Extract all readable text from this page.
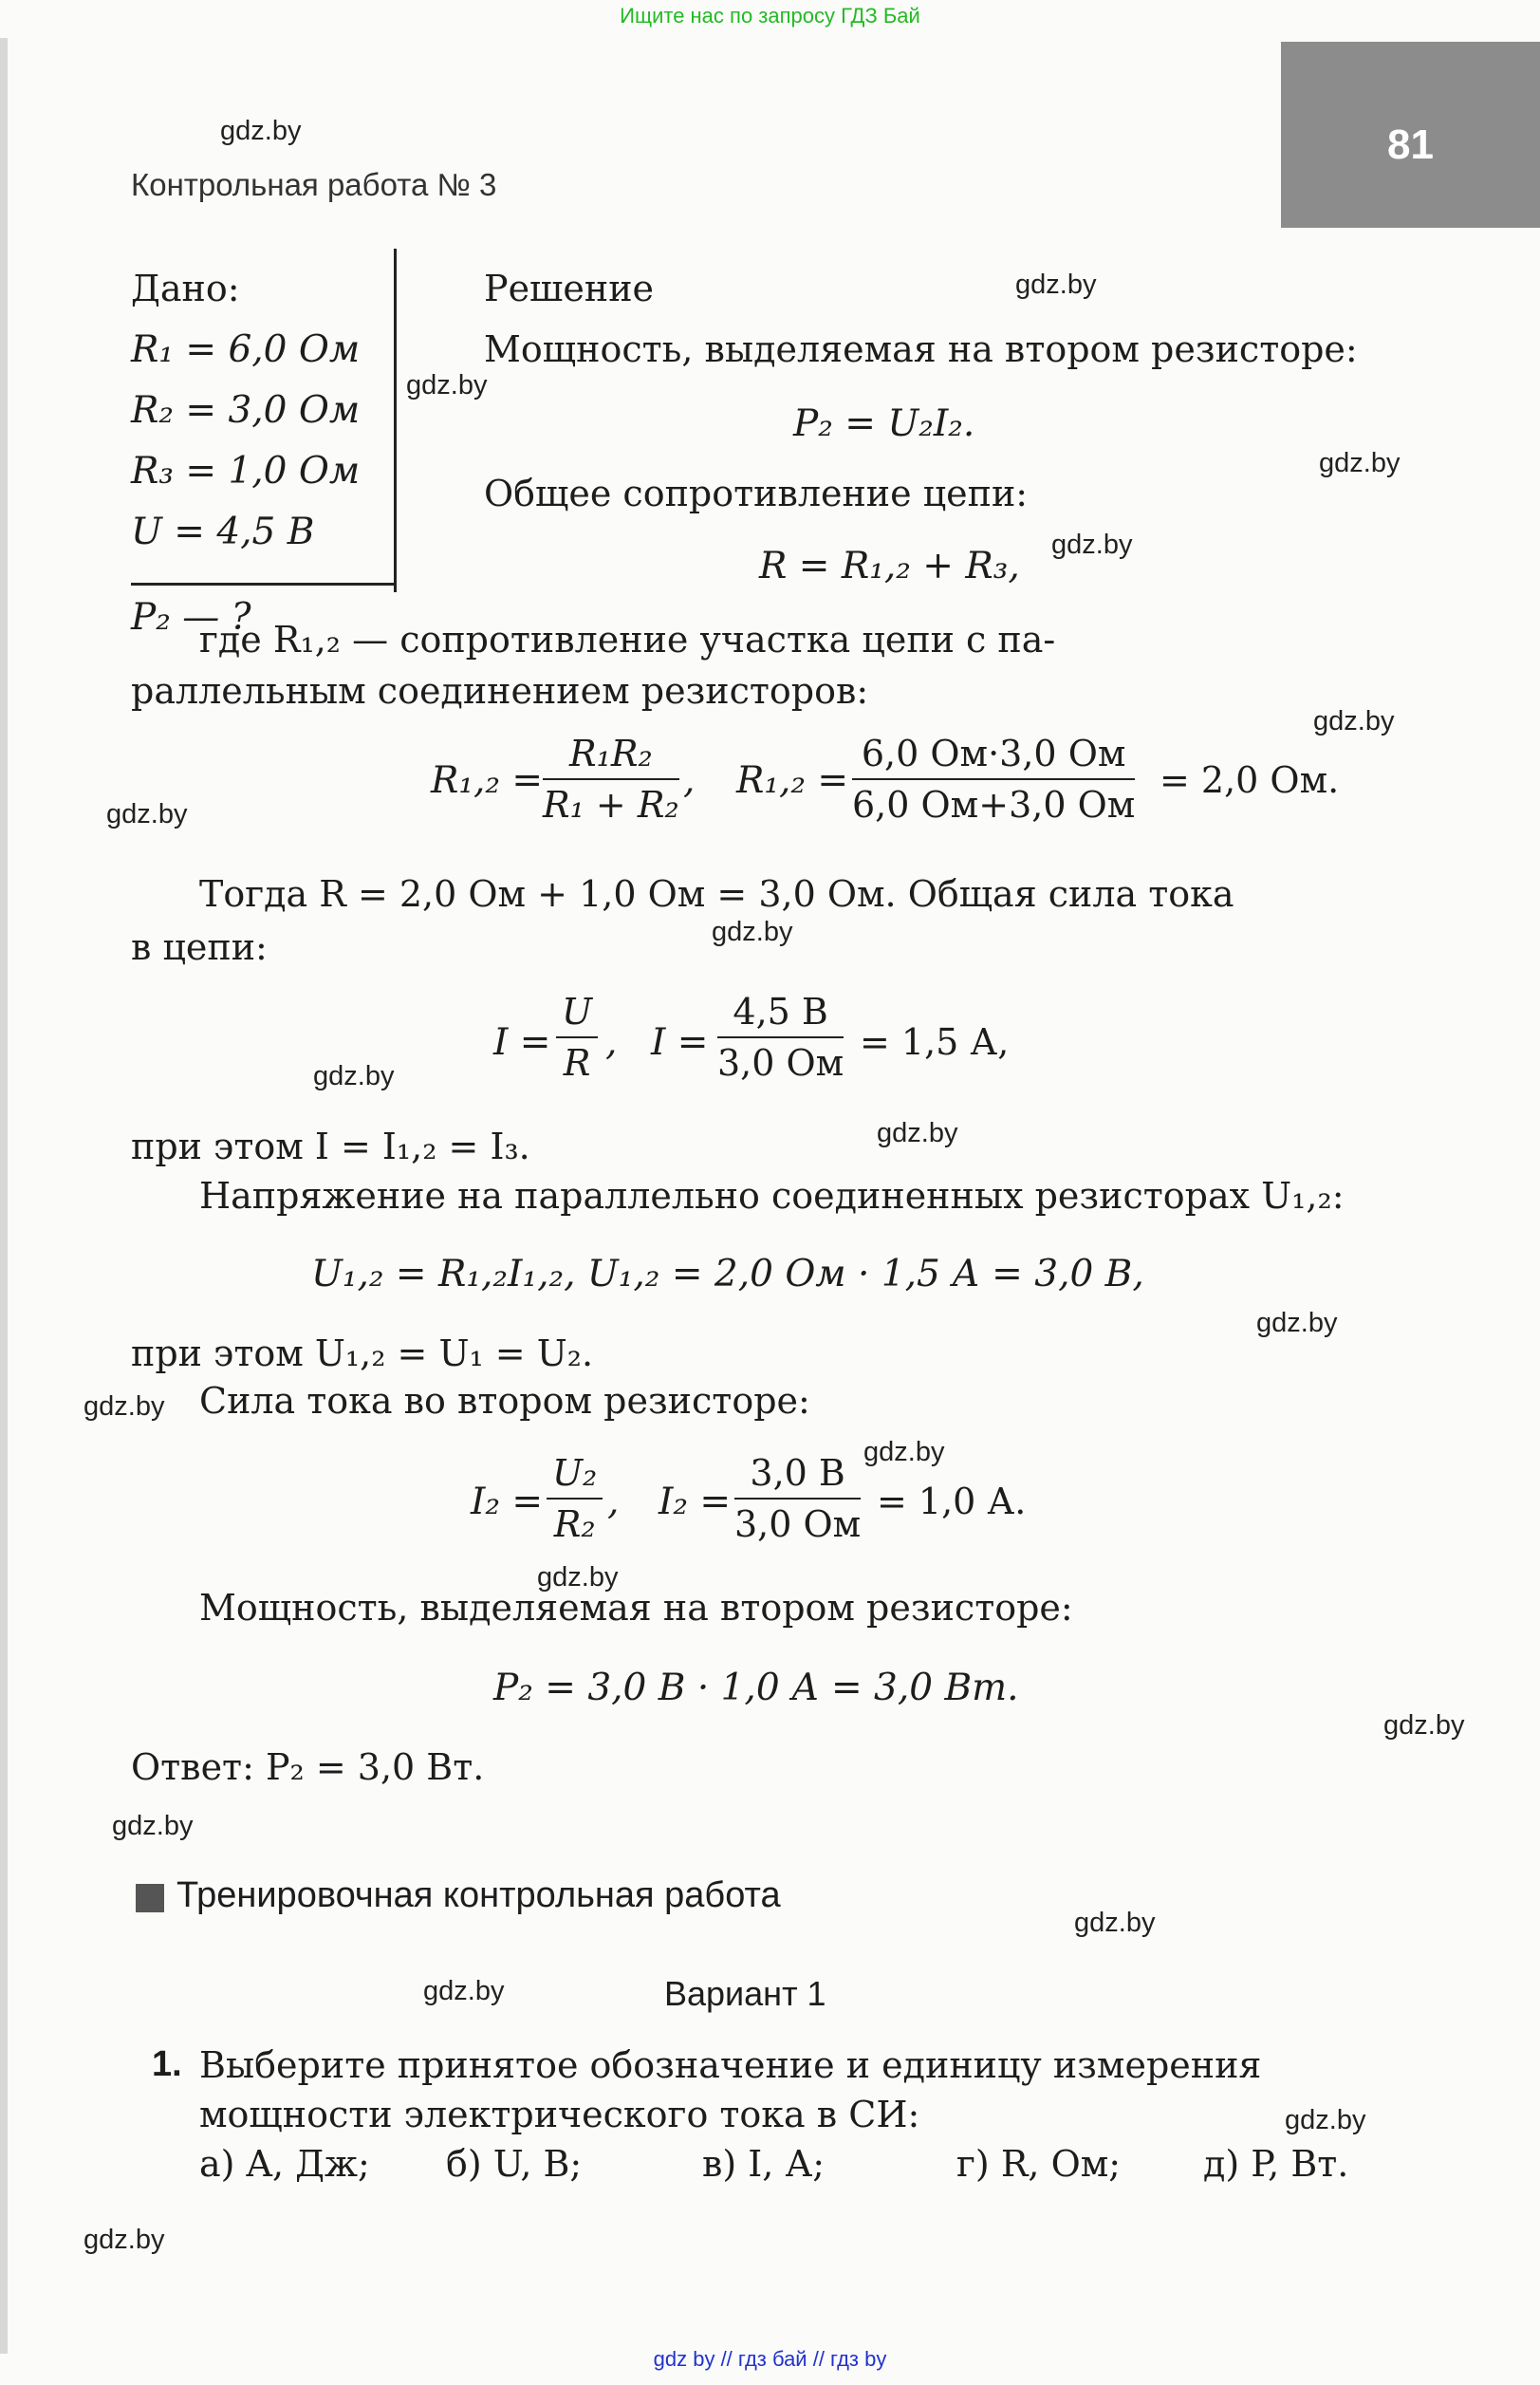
Ищите нас по запросу ГДЗ Бай
81
Контрольная работа № 3
gdz.by
gdz.by
gdz.by
gdz.by
gdz.by
gdz.by
gdz.by
gdz.by
gdz.by
gdz.by
gdz.by
gdz.by
gdz.by
gdz.by
gdz.by
gdz.by
gdz.by
gdz.by
gdz.by
gdz.by
Дано:
R₁ = 6,0 Ом
R₂ = 3,0 Ом
R₃ = 1,0 Ом
U = 4,5 В
P₂ — ?
Решение
Мощность, выделяемая на втором резисторе:
P₂ = U₂I₂.
Общее сопротивление цепи:
R = R₁,₂ + R₃,
где R₁,₂ — сопротивление участка цепи с па-
раллельным соединением резисторов:
$R_1,_2 = \frac{\text{R₁R₂}}{\text{R₁ + R₂}}$ , R₁,₂ =
6,0 Ом·3,0 Ом
6,0 Ом+3,0 Ом
= 2,0 Ом.
Тогда R = 2,0 Ом + 1,0 Ом = 3,0 Ом. Общая сила тока
в цепи:
$I = \frac{U}{R}$ , I =
4,5 В
3,0 Ом = 1,5 А,
при этом I = I₁,₂ = I₃.
Напряжение на параллельно соединенных резисторах U₁,₂:
U₁,₂ = R₁,₂I₁,₂, U₁,₂ = 2,0 Ом · 1,5 А = 3,0 В,
при этом U₁,₂ = U₁ = U₂.
Сила тока во втором резисторе:
$I_2 = \frac{\text{U₂}}{\text{R₂}}$ , I₂ =
3,0 В
3,0 Ом
= 1,0 А.
Мощность, выделяемая на втором резисторе:
P₂ = 3,0 В · 1,0 А = 3,0 Вт.
Ответ: P₂ = 3,0 Вт.
Тренировочная контрольная работа
Вариант 1
1. Выберите принятое обозначение и единицу измерения
мощности электрического тока в СИ:
а) A, Дж; б) U, В;	в) I, А;	г) R, Ом; д) P, Вт.
gdz by // гдз бай // гдз by
